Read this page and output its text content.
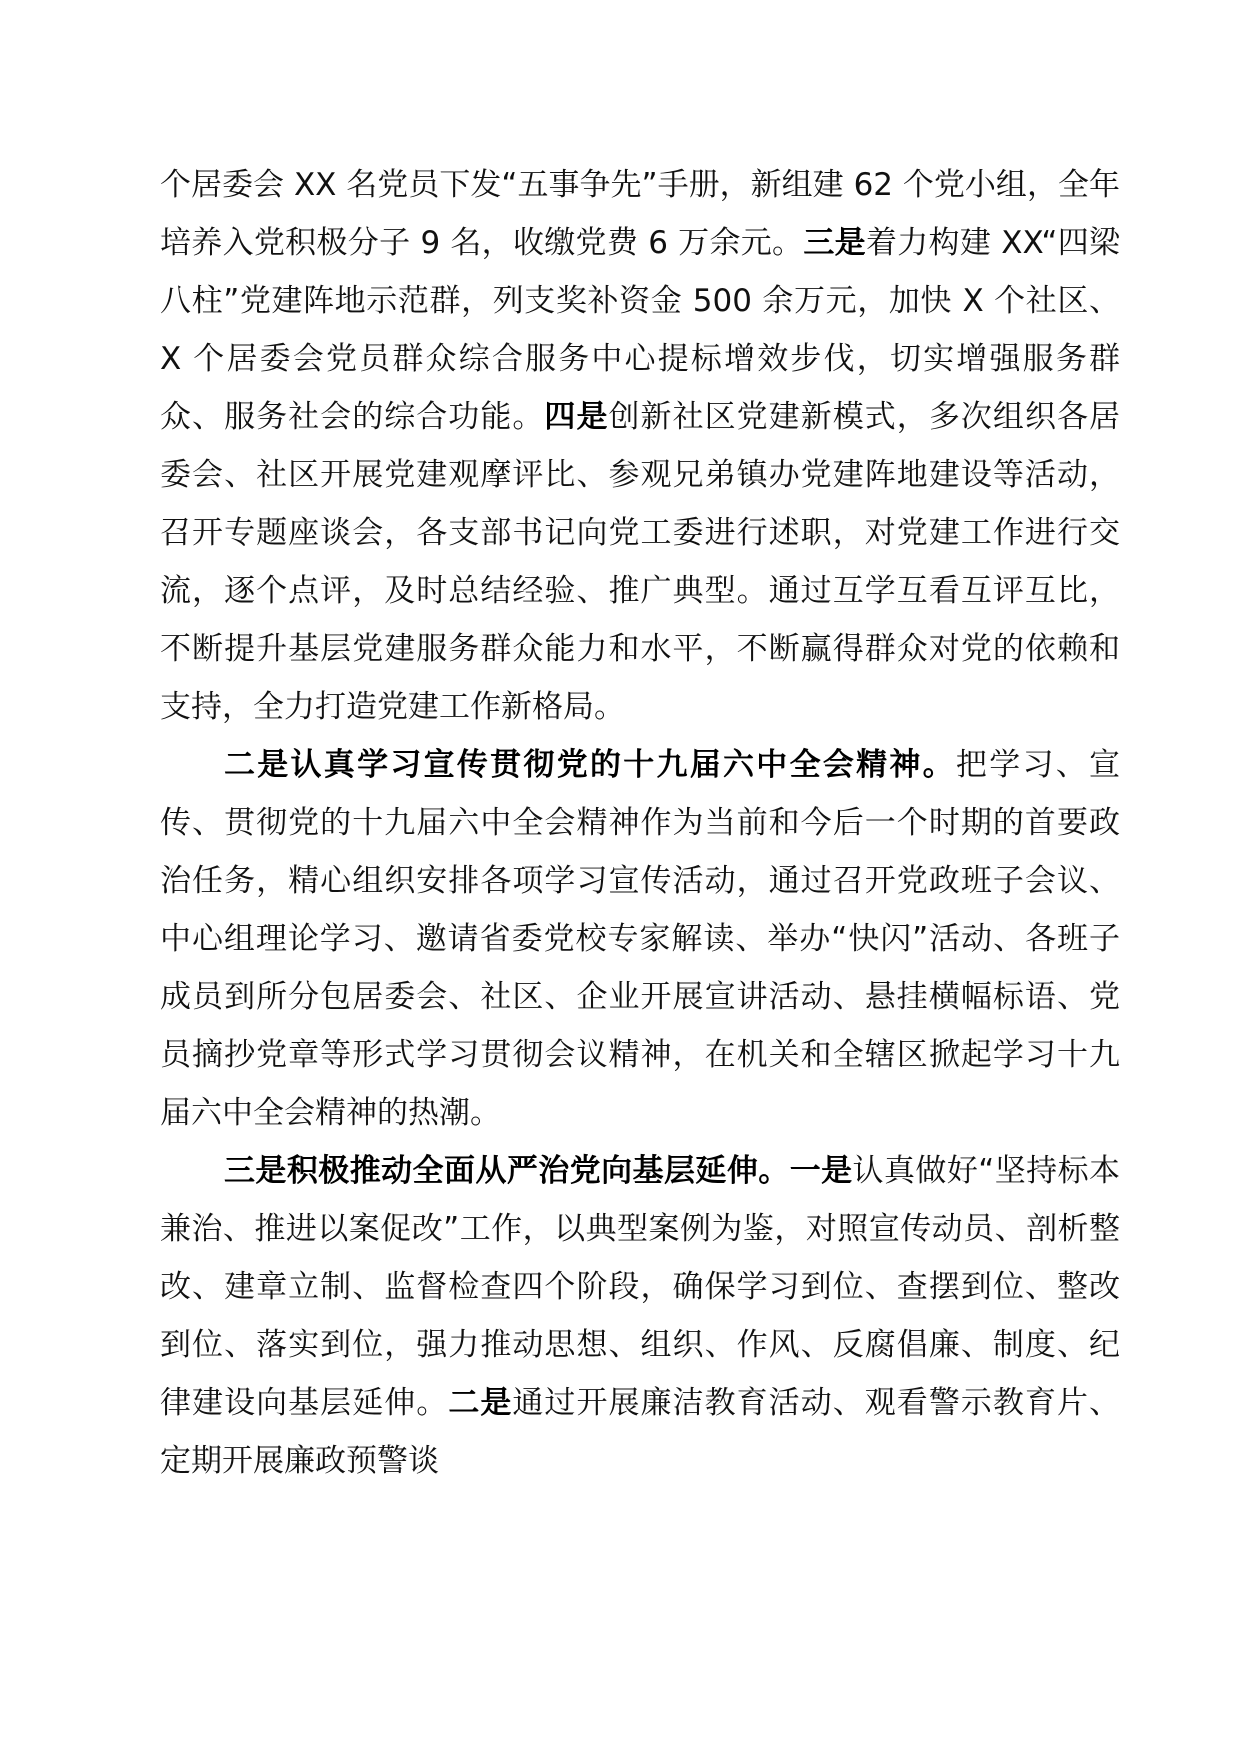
个居委会 XX 名党员下发“五事争先”手册，新组建 62 个党小组，全年培养入党积极分子 9 名，收缴党费 6 万余元。三是着力构建 XX“四梁八柱”党建阵地示范群，列支奖补资金 500 余万元，加快 X 个社区、X 个居委会党员群众综合服务中心提标增效步伐，切实增强服务群众、服务社会的综合功能。四是创新社区党建新模式，多次组织各居委会、社区开展党建观摩评比、参观兄弟镇办党建阵地建设等活动，召开专题座谈会，各支部书记向党工委进行述职，对党建工作进行交流，逐个点评，及时总结经验、推广典型。通过互学互看互评互比，不断提升基层党建服务群众能力和水平，不断赢得群众对党的依赖和支持，全力打造党建工作新格局。

二是认真学习宣传贯彻党的十九届六中全会精神。把学习、宣传、贯彻党的十九届六中全会精神作为当前和今后一个时期的首要政治任务，精心组织安排各项学习宣传活动，通过召开党政班子会议、中心组理论学习、邀请省委党校专家解读、举办“快闪”活动、各班子成员到所分包居委会、社区、企业开展宣讲活动、悬挂横幅标语、党员摘抄党章等形式学习贯彻会议精神，在机关和全辖区掀起学习十九届六中全会精神的热潮。

三是积极推动全面从严治党向基层延伸。一是认真做好“坚持标本兼治、推进以案促改”工作，以典型案例为鉴，对照宣传动员、剖析整改、建章立制、监督检查四个阶段，确保学习到位、查摆到位、整改到位、落实到位，强力推动思想、组织、作风、反腐倡廉、制度、纪律建设向基层延伸。二是通过开展廉洁教育活动、观看警示教育片、定期开展廉政预警谈
